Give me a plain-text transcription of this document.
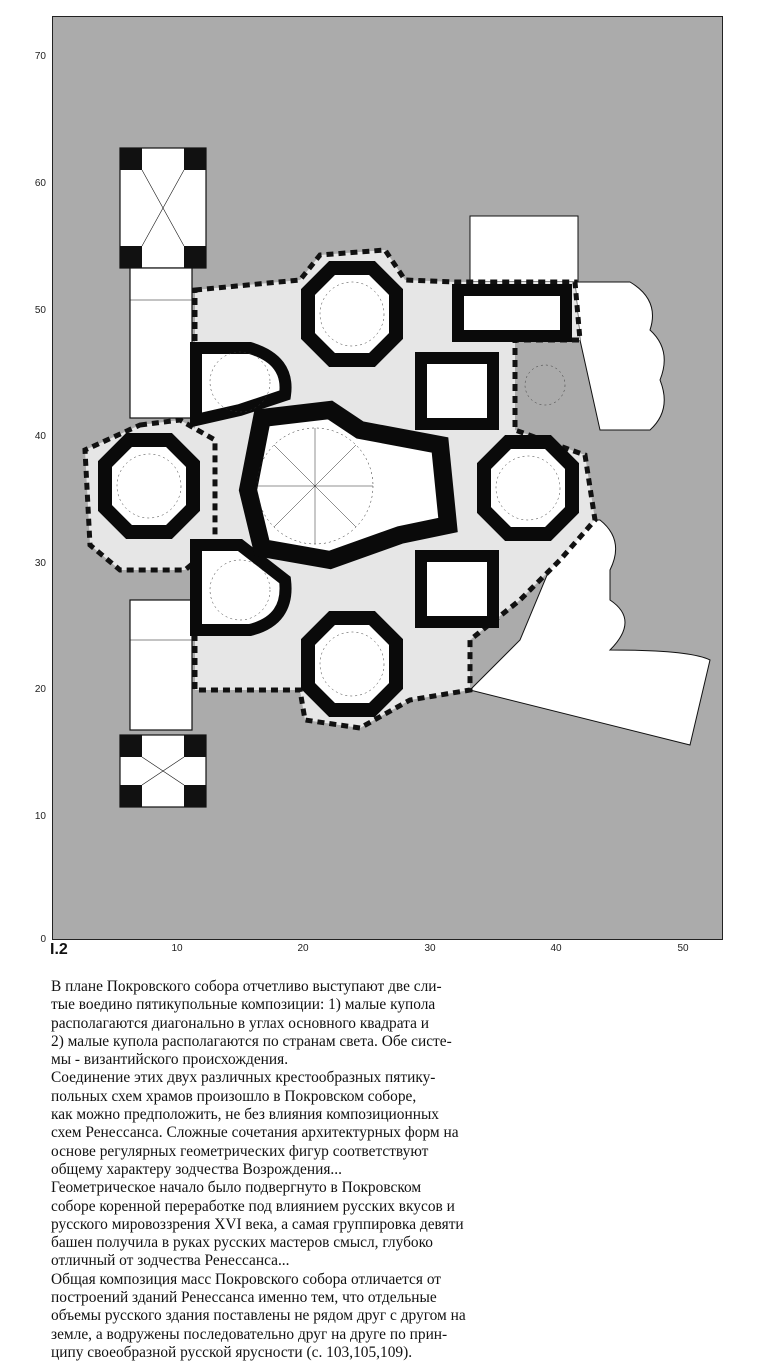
70
60
50
40
30
20
10
0
I.2	10	20	30	40	50

В плане Покровского собора отчетливо выступают две сли-

тые воедино пятикупольные композиции: 1) малые купола

располагаются диагонально в углах основного квадрата и

2) малые купола располагаются по странам света. Обе систе-

мы - византийского происхождения.

Соединение этих двух различных крестообразных пятику-

польных схем храмов произошло в Покровском соборе,

как можно предположить, не без влияния композиционных

схем Ренессанса. Сложные сочетания архитектурных форм на

основе регулярных геометрических фигур соответствуют

общему характеру зодчества Возрождения...

Геометрическое начало было подвергнуто в Покровском

соборе коренной переработке под влиянием русских вкусов и

русского мировоззрения XVI века, а самая группировка девяти

башен получила в руках русских мастеров смысл, глубоко

отличный от зодчества Ренессанса...

Общая композиция масс Покровского собора отличается от

построений зданий Ренессанса именно тем, что отдельные

объемы русского здания поставлены не рядом друг с другом на

земле, а водружены последовательно друг на друге по прин-

ципу своеобразной русской ярусности (с. 103,105,109).
